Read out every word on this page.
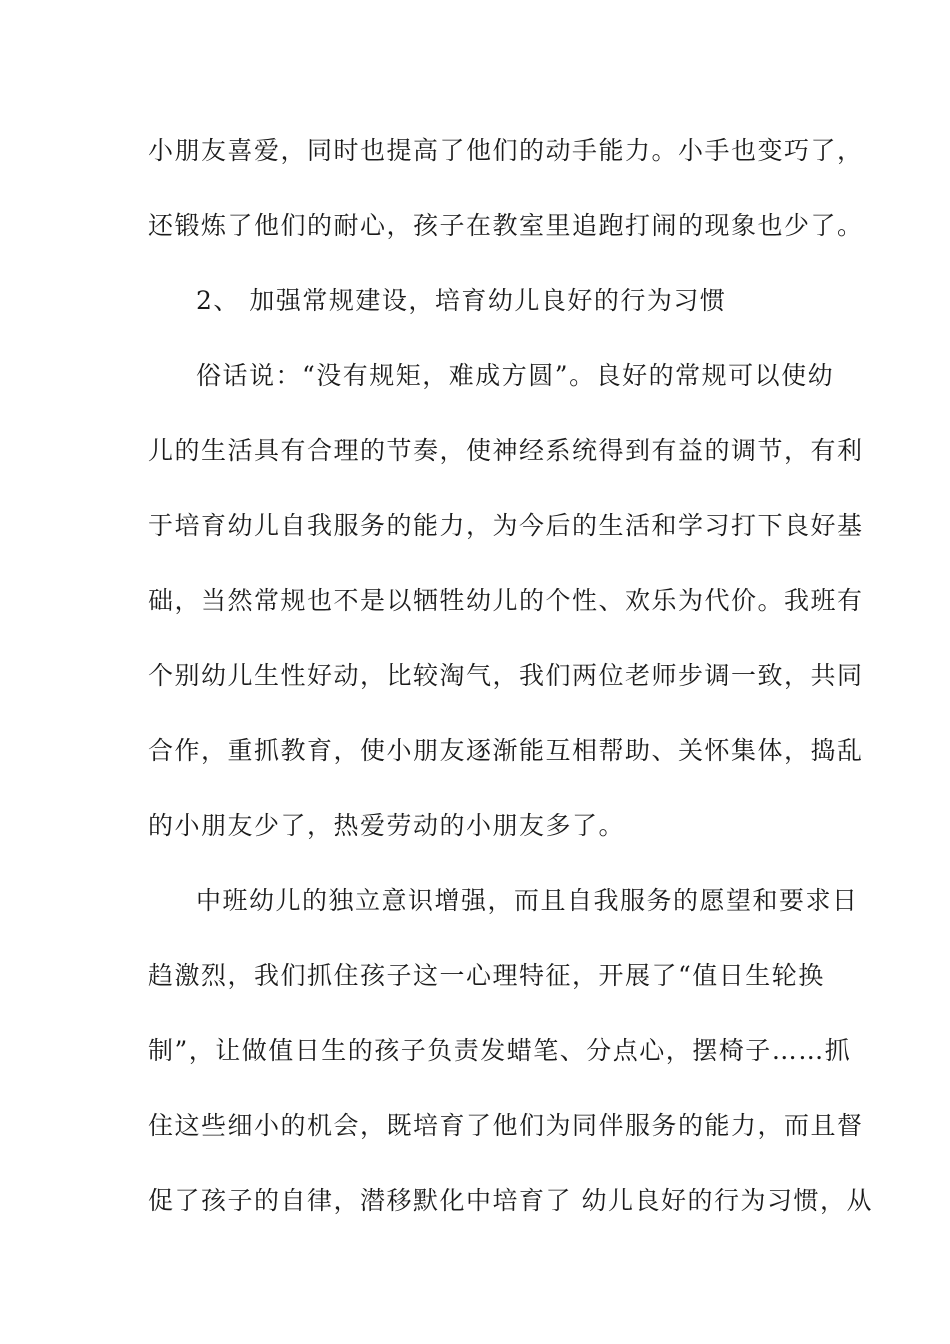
小朋友喜爱，同时也提高了他们的动手能力。小手也变巧了，
还锻炼了他们的耐心，孩子在教室里追跑打闹的现象也少了。
2、 加强常规建设，培育幼儿良好的行为习惯
俗话说：“没有规矩，难成方圆”。良好的常规可以使幼
儿的生活具有合理的节奏，使神经系统得到有益的调节，有利
于培育幼儿自我服务的能力，为今后的生活和学习打下良好基
础，当然常规也不是以牺牲幼儿的个性、欢乐为代价。我班有
个别幼儿生性好动，比较淘气，我们两位老师步调一致，共同
合作，重抓教育，使小朋友逐渐能互相帮助、关怀集体，捣乱
的小朋友少了，热爱劳动的小朋友多了。
中班幼儿的独立意识增强，而且自我服务的愿望和要求日
趋激烈，我们抓住孩子这一心理特征，开展了“值日生轮换
制”，让做值日生的孩子负责发蜡笔、分点心，摆椅子……抓
住这些细小的机会，既培育了他们为同伴服务的能力，而且督
促了孩子的自律，潜移默化中培育了 幼儿良好的行为习惯，从
